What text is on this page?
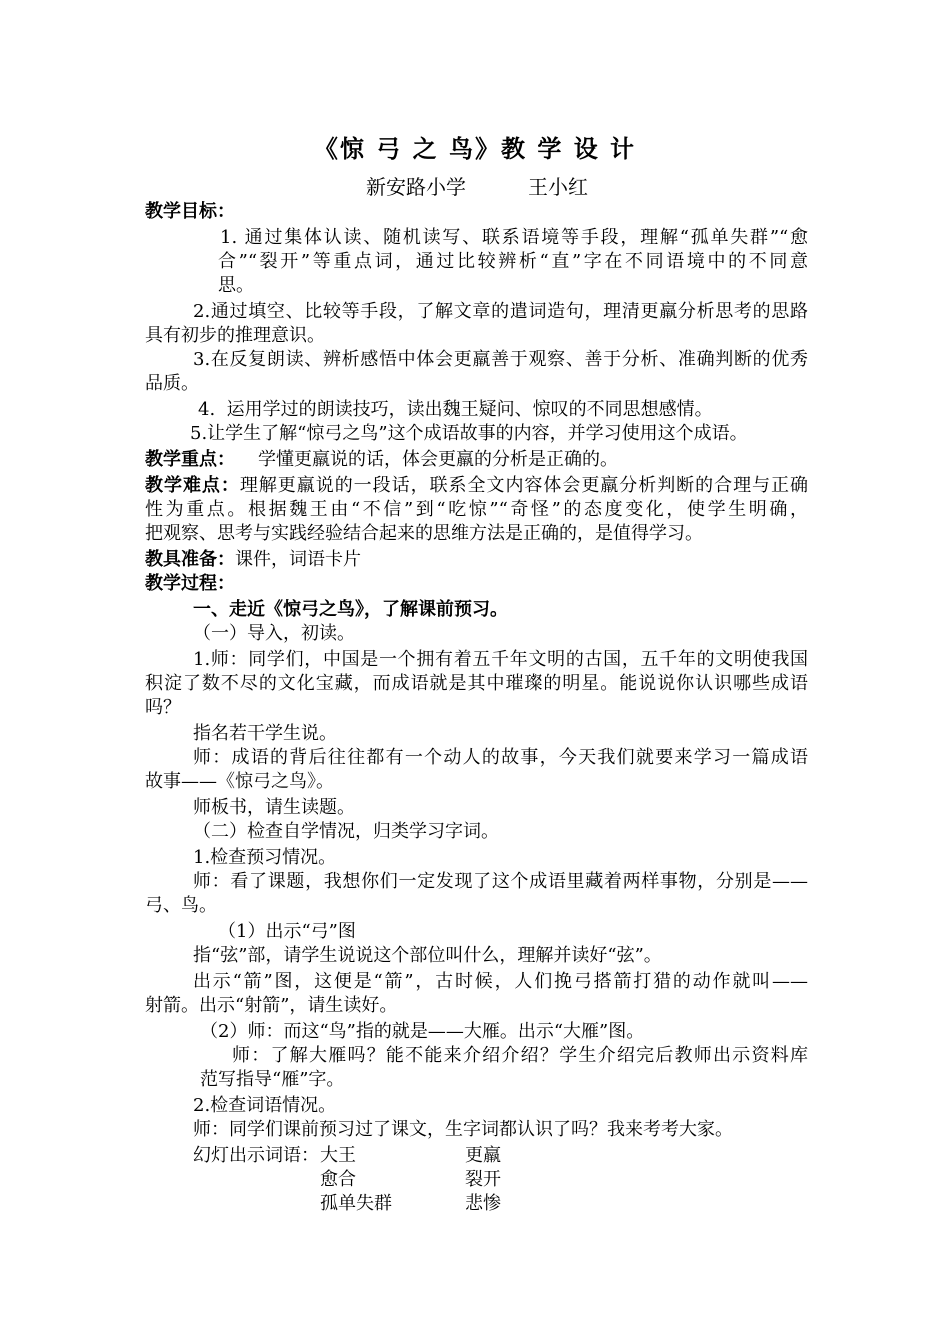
《惊 弓 之 鸟》教 学 设 计
新安路小学	王小红
教学目标：
1. 通过集体认读、随机读写、联系语境等手段，理解“孤单失群”“愈
合”“裂开”等重点词，通过比较辨析“直”字在不同语境中的不同意
思。
2.通过填空、比较等手段，了解文章的遣词造句，理清更羸分析思考的思路
具有初步的推理意识。
3.在反复朗读、辨析感悟中体会更羸善于观察、善于分析、准确判断的优秀
品质。
4.  运用学过的朗读技巧，读出魏王疑问、惊叹的不同思想感情。
5.让学生了解“惊弓之鸟”这个成语故事的内容，并学习使用这个成语。
教学重点： 学懂更羸说的话，体会更羸的分析是正确的。
教学难点：理解更羸说的一段话，联系全文内容体会更羸分析判断的合理与正确
性为重点。根据魏王由“不信”到“吃惊”“奇怪”的态度变化，使学生明确，
把观察、思考与实践经验结合起来的思维方法是正确的，是值得学习。
教具准备：课件，词语卡片
教学过程：
一、走近《惊弓之鸟》，了解课前预习。
（一）导入，初读。
1.师：同学们，中国是一个拥有着五千年文明的古国，五千年的文明使我国
积淀了数不尽的文化宝藏，而成语就是其中璀璨的明星。能说说你认识哪些成语
吗？
指名若干学生说。
师：成语的背后往往都有一个动人的故事，今天我们就要来学习一篇成语
故事——《惊弓之鸟》。
师板书，请生读题。
（二）检查自学情况，归类学习字词。
1.检查预习情况。
师：看了课题，我想你们一定发现了这个成语里藏着两样事物，分别是——
弓、鸟。
（1）出示“弓”图
指“弦”部，请学生说说这个部位叫什么，理解并读好“弦”。
出示“箭”图，这便是“箭”，古时候，人们挽弓搭箭打猎的动作就叫——
射箭。出示“射箭”，请生读好。
（2）师：而这“鸟”指的就是——大雁。出示“大雁”图。
师：了解大雁吗？能不能来介绍介绍？学生介绍完后教师出示资料库
范写指导“雁”字。
2.检查词语情况。
师：同学们课前预习过了课文，生字词都认识了吗？我来考考大家。
幻灯出示词语： 大王	更羸
愈合	裂开
孤单失群	悲惨
